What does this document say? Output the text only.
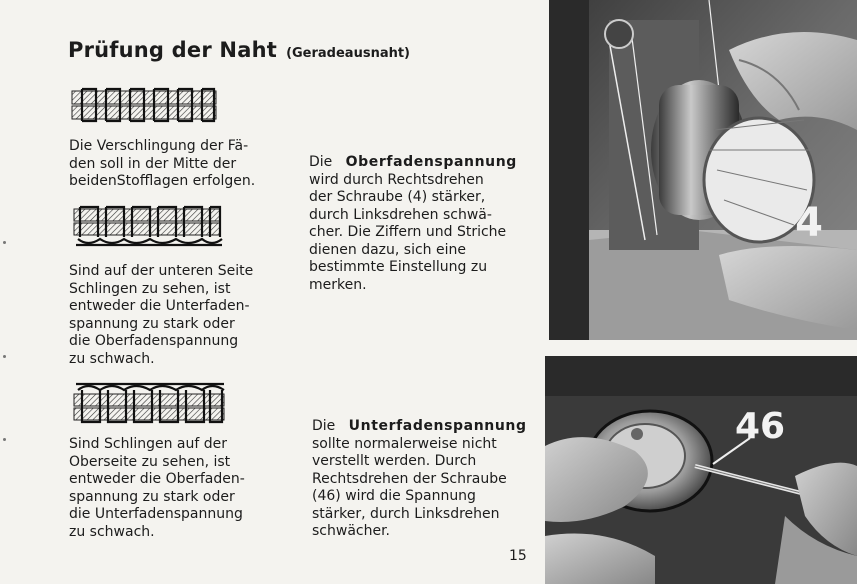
Prüfung der Naht (Geradeausnaht)
Die Verschlingung der Fä-
den soll in der Mitte der
beidenStofflagen erfolgen.
Sind auf der unteren Seite
Schlingen zu sehen, ist
entweder die Unterfaden-
spannung zu stark oder
die Oberfadenspannung
zu schwach.
Sind Schlingen auf der
Oberseite zu sehen, ist
entweder die Oberfaden-
spannung zu stark oder
die Unterfadenspannung
zu schwach.
Die Oberfadenspannung
wird durch Rechtsdrehen
der Schraube (4) stärker,
durch Linksdrehen schwä-
cher. Die Ziffern und Striche
dienen dazu, sich eine
bestimmte Einstellung zu
merken.
Die Unterfadenspannung
sollte normalerweise nicht
verstellt werden. Durch
Rechtsdrehen der Schraube
(46) wird die Spannung
stärker, durch Linksdrehen
schwächer.
4
46
15
